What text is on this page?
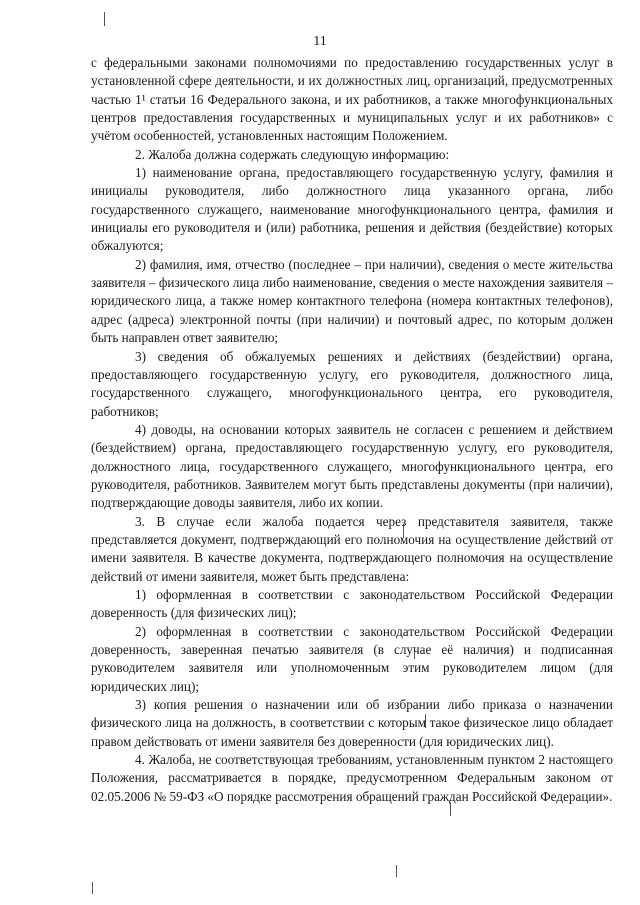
11

с федеральными законами полномочиями по предоставлению государственных услуг в установленной сфере деятельности, и их должностных лиц, организаций, предусмотренных частью 1¹ статьи 16 Федерального закона, и их работников, а также многофункциональных центров предоставления государственных и муниципальных услуг и их работников» с учётом особенностей, установленных настоящим Положением.

2. Жалоба должна содержать следующую информацию:

1) наименование органа, предоставляющего государственную услугу, фамилия и инициалы руководителя, либо должностного лица указанного органа, либо государственного служащего, наименование многофункционального центра, фамилия и инициалы его руководителя и (или) работника, решения и действия (бездействие) которых обжалуются;

2) фамилия, имя, отчество (последнее – при наличии), сведения о месте жительства заявителя – физического лица либо наименование, сведения о месте нахождения заявителя – юридического лица, а также номер контактного телефона (номера контактных телефонов), адрес (адреса) электронной почты (при наличии) и почтовый адрес, по которым должен быть направлен ответ заявителю;

3) сведения об обжалуемых решениях и действиях (бездействии) органа, предоставляющего государственную услугу, его руководителя, должностного лица, государственного служащего, многофункционального центра, его руководителя, работников;

4) доводы, на основании которых заявитель не согласен с решением и действием (бездействием) органа, предоставляющего государственную услугу, его руководителя, должностного лица, государственного служащего, многофункционального центра, его руководителя, работников. Заявителем могут быть представлены документы (при наличии), подтверждающие доводы заявителя, либо их копии.

3. В случае если жалоба подается через представителя заявителя, также представляется документ, подтверждающий его полномочия на осуществление действий от имени заявителя. В качестве документа, подтверждающего полномочия на осуществление действий от имени заявителя, может быть представлена:

1) оформленная в соответствии с законодательством Российской Федерации доверенность (для физических лиц);

2) оформленная в соответствии с законодательством Российской Федерации доверенность, заверенная печатью заявителя (в случае её наличия) и подписанная руководителем заявителя или уполномоченным этим руководителем лицом (для юридических лиц);

3) копия решения о назначении или об избрании либо приказа о назначении физического лица на должность, в соответствии с которым такое физическое лицо обладает правом действовать от имени заявителя без доверенности (для юридических лиц).

4. Жалоба, не соответствующая требованиям, установленным пунктом 2 настоящего Положения, рассматривается в порядке, предусмотренном Федеральным законом от 02.05.2006 № 59-ФЗ «О порядке рассмотрения обращений граждан Российской Федерации».
